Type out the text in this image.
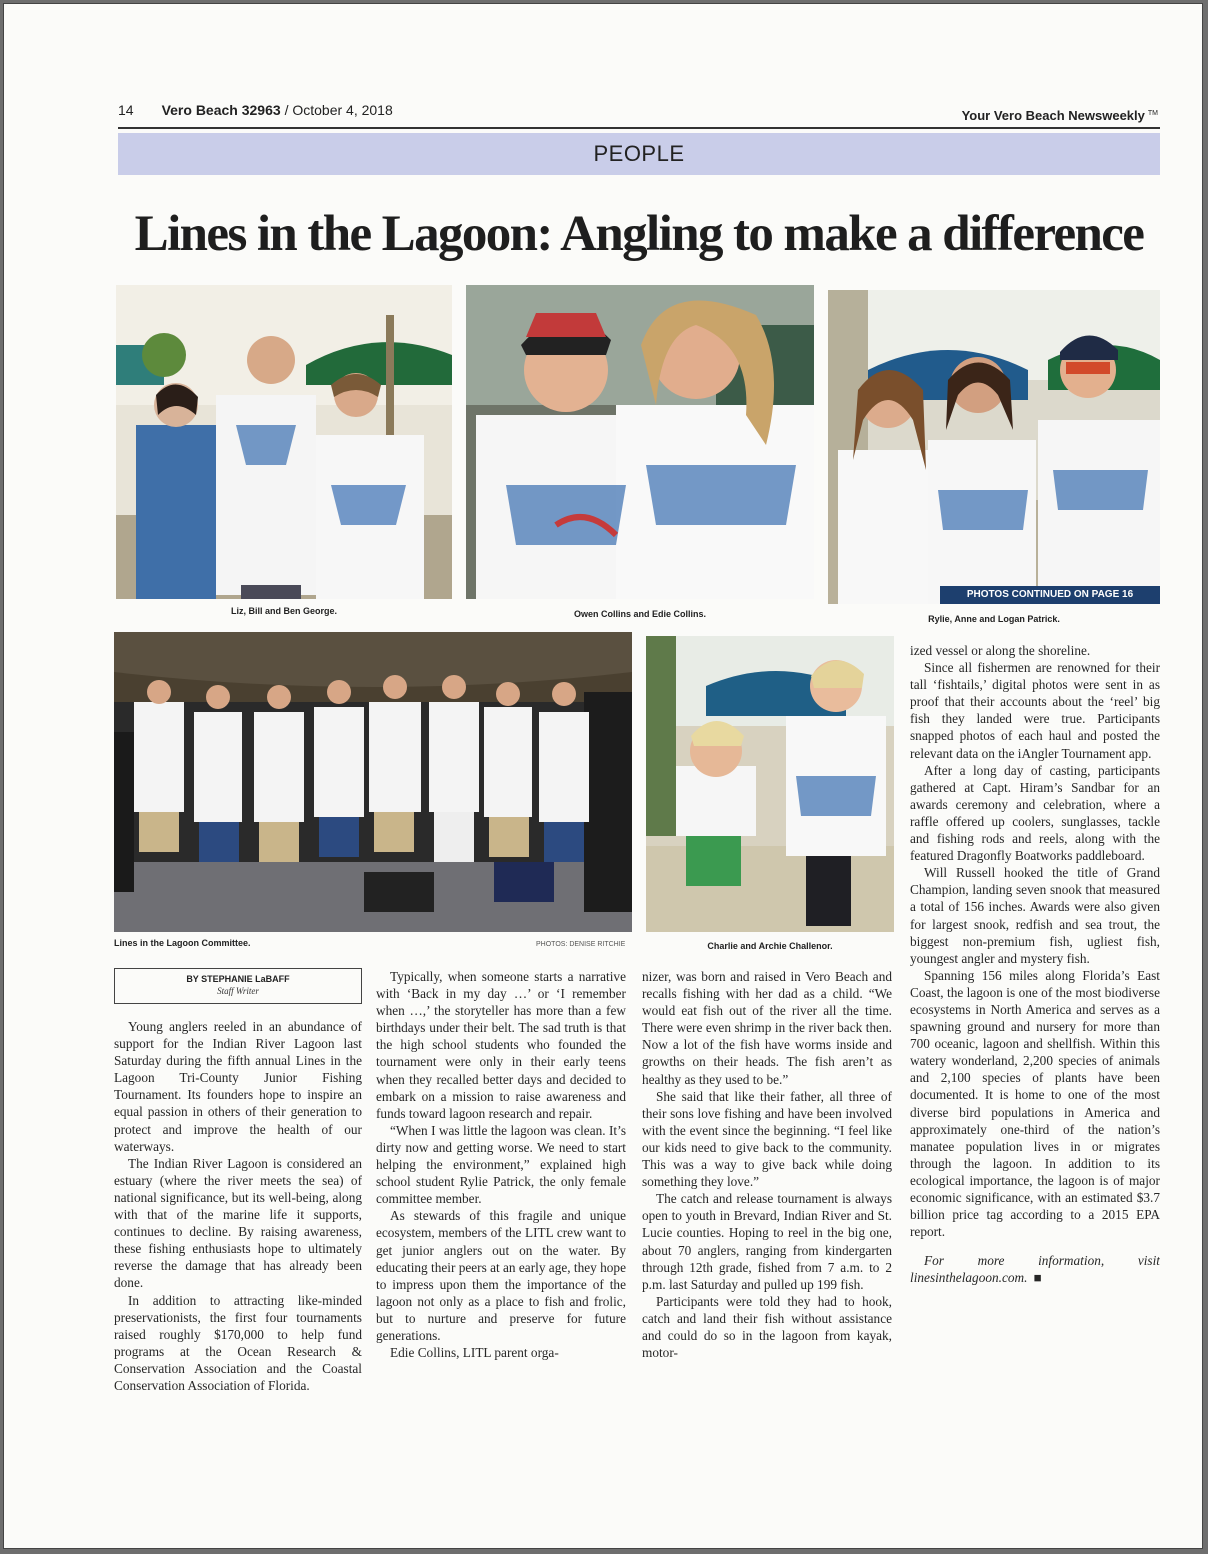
14 Vero Beach 32963 / October 4, 2018	Your Vero Beach Newsweekly ™
PEOPLE
Lines in the Lagoon: Angling to make a difference
Liz, Bill and Ben George.	Owen Collins and Edie Collins.
PHOTOS CONTINUED ON PAGE 16
Rylie, Anne and Logan Patrick.
Lines in the Lagoon Committee.	PHOTOS: DENISE RITCHIE	Charlie and Archie Challenor.

ized vessel or along the shoreline.

Since all fishermen are renowned for their tall ‘fishtails,’ digital photos were sent in as proof that their accounts about the ‘reel’ big fish they landed were true. Participants snapped photos of each haul and posted the relevant data on the iAngler Tournament app.

After a long day of casting, participants gathered at Capt. Hiram’s Sandbar for an awards ceremony and celebration, where a raffle offered up coolers, sunglasses, tackle and fishing rods and reels, along with the featured Dragonfly Boatworks paddleboard.

Will Russell hooked the title of Grand Champion, landing seven snook that measured a total of 156 inches. Awards were also given for largest snook, redfish and sea trout, the biggest non-premium fish, ugliest fish, youngest angler and mystery fish.

Spanning 156 miles along Florida’s East Coast, the lagoon is one of the most biodiverse ecosystems in North America and serves as a spawning ground and nursery for more than 700 oceanic, lagoon and shellfish. Within this watery wonderland, 2,200 species of animals and 2,100 species of plants have been documented. It is home to one of the most diverse bird populations in America and approximately one-third of the nation’s manatee population lives in or migrates through the lagoon. In addition to its ecological importance, the lagoon is of major economic significance, with an estimated $3.7 billion price tag according to a 2015 EPA report.

For more information, visit linesinthelagoon.com. ■

BY STEPHANIE LaBAFF
Staff Writer

Young anglers reeled in an abundance of support for the Indian River Lagoon last Saturday during the fifth annual Lines in the Lagoon Tri-County Junior Fishing Tournament. Its founders hope to inspire an equal passion in others of their generation to protect and improve the health of our waterways.

The Indian River Lagoon is considered an estuary (where the river meets the sea) of national significance, but its well-being, along with that of the marine life it supports, continues to decline. By raising awareness, these fishing enthusiasts hope to ultimately reverse the damage that has already been done.

In addition to attracting like-minded preservationists, the first four tournaments raised roughly $170,000 to help fund programs at the Ocean Research & Conservation Association and the Coastal Conservation Association of Florida.

Typically, when someone starts a narrative with ‘Back in my day …’ or ‘I remember when …,’ the storyteller has more than a few birthdays under their belt. The sad truth is that the high school students who founded the tournament were only in their early teens when they recalled better days and decided to embark on a mission to raise awareness and funds toward lagoon research and repair.

“When I was little the lagoon was clean. It’s dirty now and getting worse. We need to start helping the environment,” explained high school student Rylie Patrick, the only female committee member.

As stewards of this fragile and unique ecosystem, members of the LITL crew want to get junior anglers out on the water. By educating their peers at an early age, they hope to impress upon them the importance of the lagoon not only as a place to fish and frolic, but to nurture and preserve for future generations.

Edie Collins, LITL parent orga-

nizer, was born and raised in Vero Beach and recalls fishing with her dad as a child. “We would eat fish out of the river all the time. There were even shrimp in the river back then. Now a lot of the fish have worms inside and growths on their heads. The fish aren’t as healthy as they used to be.”

She said that like their father, all three of their sons love fishing and have been involved with the event since the beginning. “I feel like our kids need to give back to the community. This was a way to give back while doing something they love.”

The catch and release tournament is always open to youth in Brevard, Indian River and St. Lucie counties. Hoping to reel in the big one, about 70 anglers, ranging from kindergarten through 12th grade, fished from 7 a.m. to 2 p.m. last Saturday and pulled up 199 fish.

Participants were told they had to hook, catch and land their fish without assistance and could do so in the lagoon from kayak, motor-
